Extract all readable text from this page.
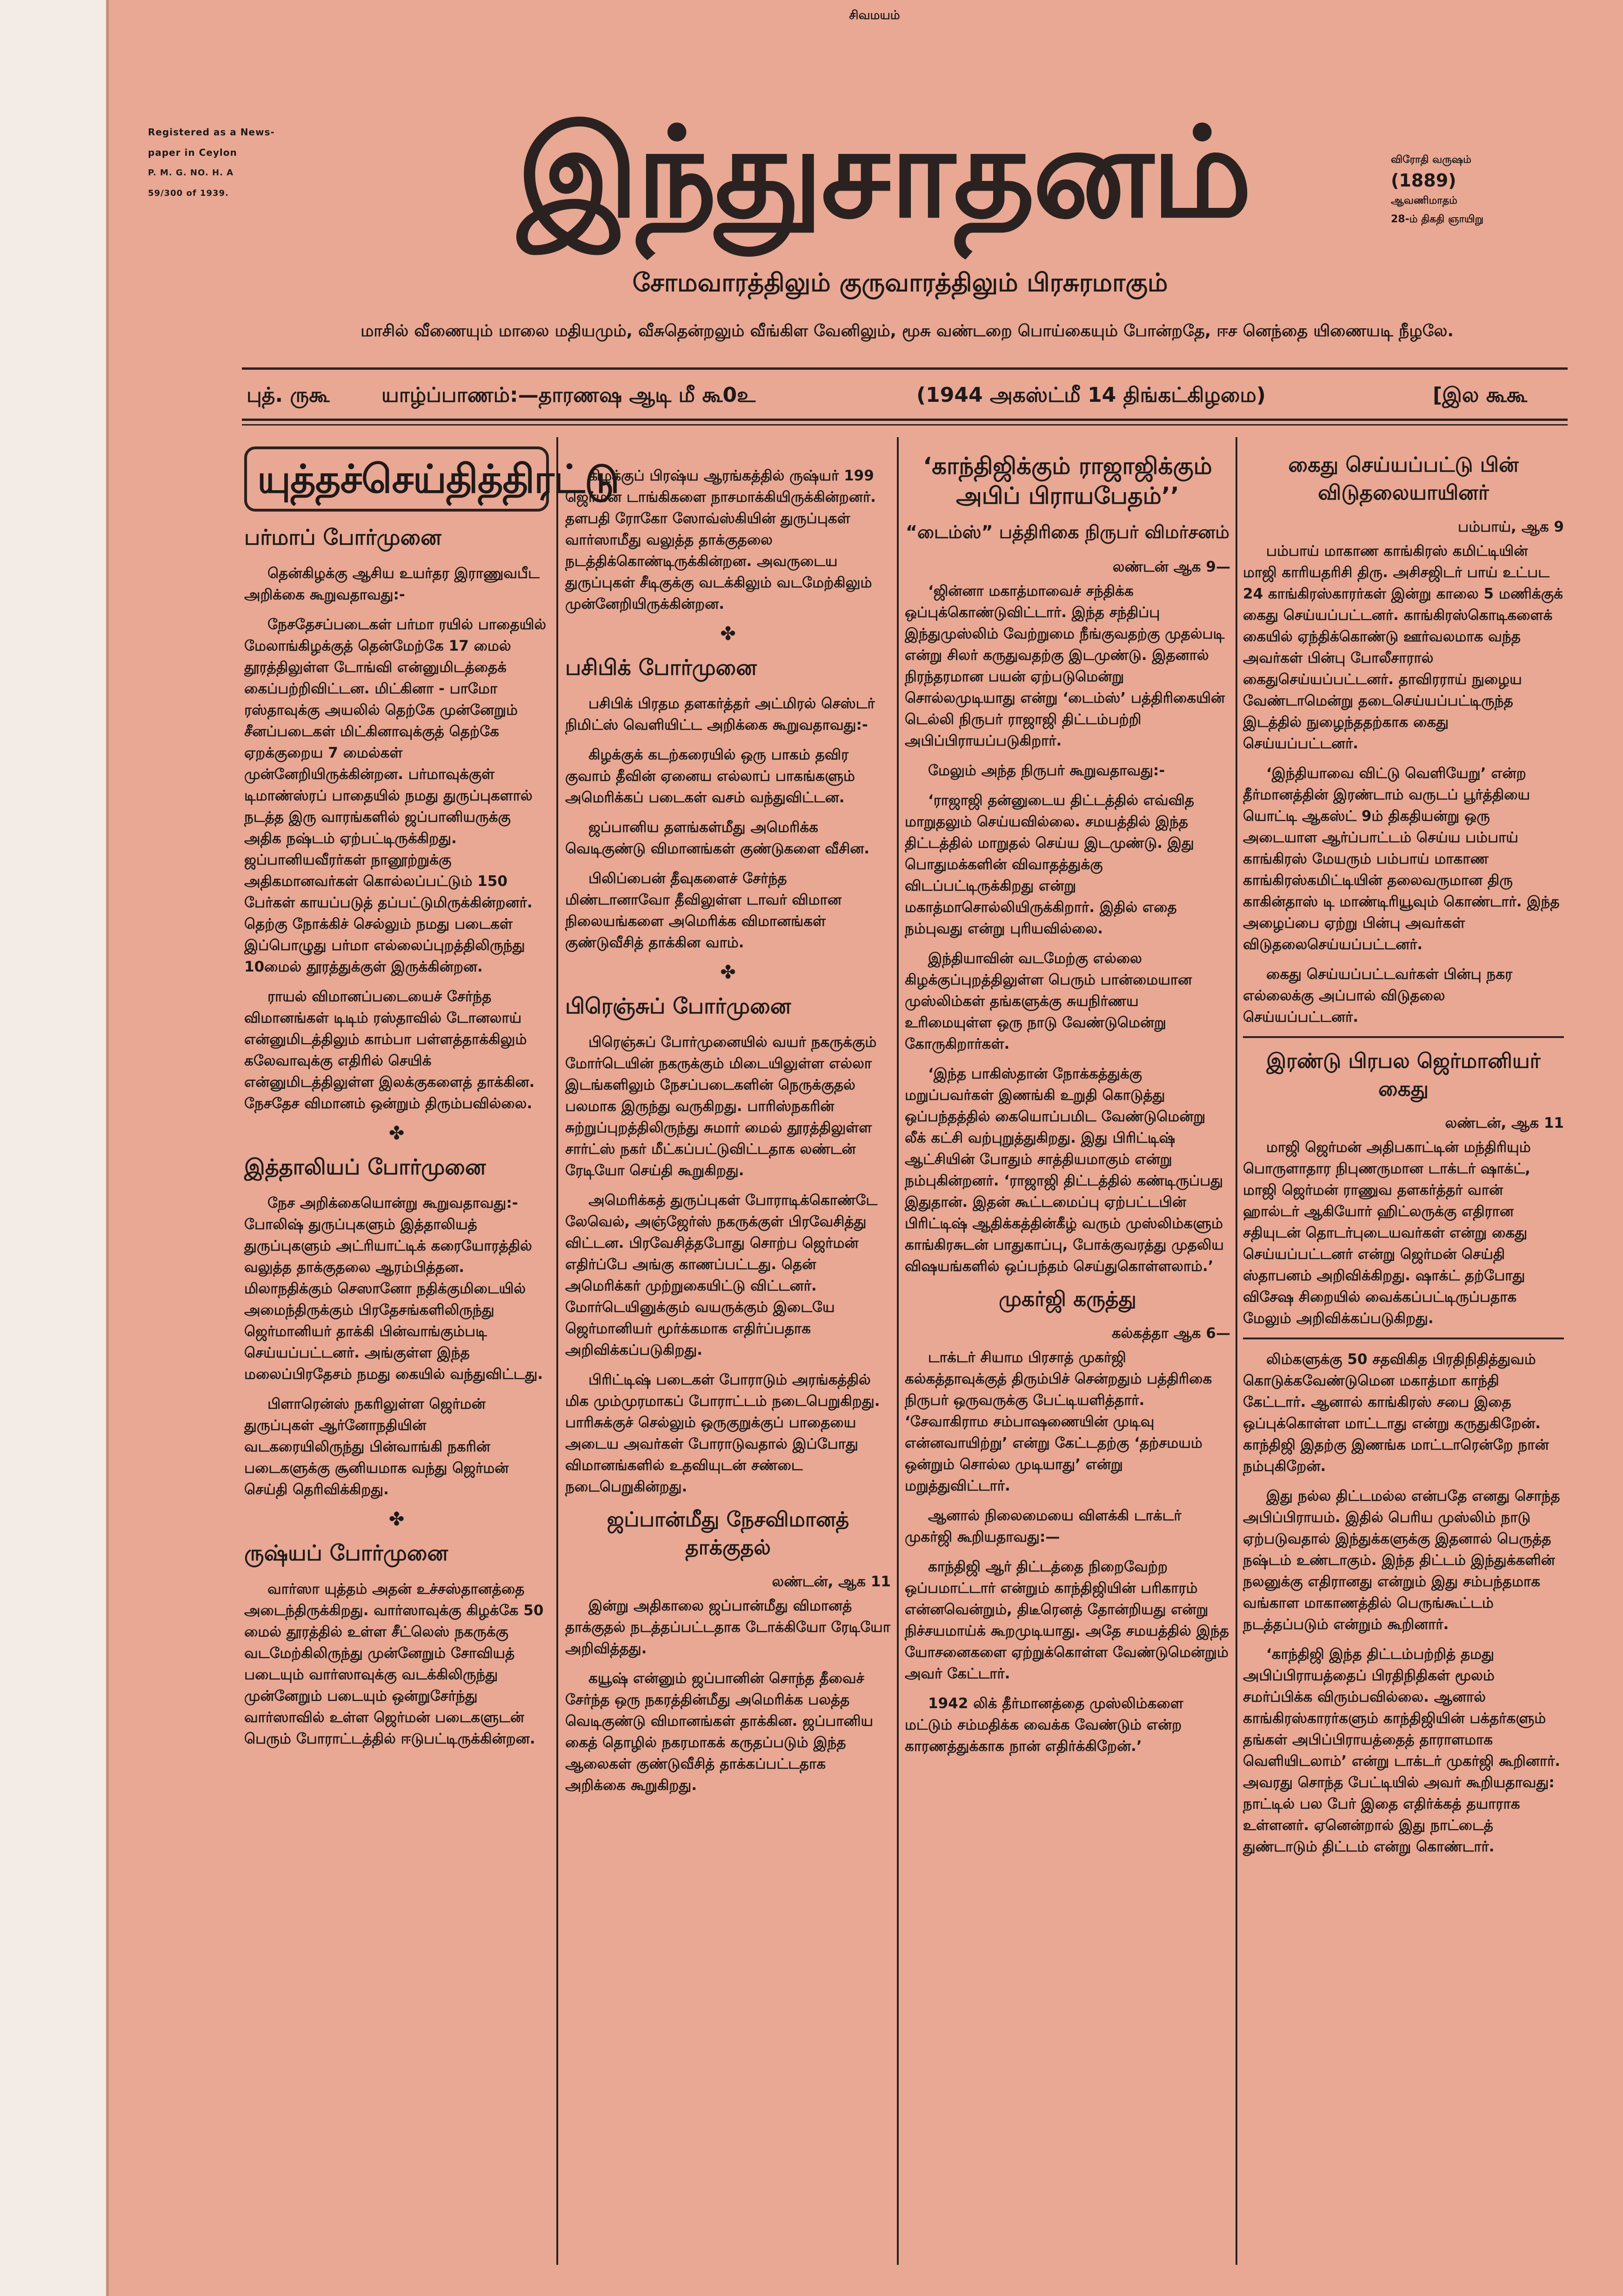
சிவமயம்
Registered as a News-
paper in Ceylon
P. M. G. NO. H. A
59/300 of 1939.	இந்துசாதனம்	விரோதி வருஷம்
(1889)
ஆவணிமாதம்
28-ம் திகதி ஞாயிறு
சோமவாரத்திலும் குருவாரத்திலும் பிரசுரமாகும்
மாசில் வீணையும் மாலை மதியமும், வீசுதென்றலும் வீங்கிள வேனிலும், மூசு வண்டறை பொய்கையும் போன்றதே, ஈச னெந்தை யிணையடி நீழலே.
புத். ருகூ	யாழ்ப்பாணம்:—தாரணஷ ஆடி மீ கூ0உ	(1944 அகஸ்ட்மீ 14 திங்கட்கிழமை)	[இல கூகூ
யுத்தச்செய்தித்திரட்டு
பர்மாப் போர்முனை

தென்கிழக்கு ஆசிய உயர்தர இராணுவபீட அறிக்கை கூறுவதாவது:-

நேசதேசப்படைகள் பர்மா ரயில் பாதையில் மேலாங்கிழக்குத் தென்மேற்கே 17 மைல் தூரத்திலுள்ள டோங்வி என்னுமிடத்தைக் கைப்பற்றிவிட்டன. மிட்கினா - பாமோ ரஸ்தாவுக்கு அயலில் தெற்கே முன்னேறும் சீனப்படைகள் மிட்கினாவுக்குத் தெற்கே ஏறக்குறைய 7 மைல்கள் முன்னேறியிருக்கின்றன. பர்மாவுக்குள் டிமாண்ஸ்ரப் பாதையில் நமது துருப்புகளால் நடத்த இரு வாரங்களில் ஜப்பானியருக்கு அதிக நஷ்டம் ஏற்பட்டிருக்கிறது. ஜப்பானியவீரர்கள் நானூற்றுக்கு அதிகமானவர்கள் கொல்லப்பட்டும் 150 பேர்கள் காயப்படுத் தப்பட்டுமிருக்கின்றனர். தெற்கு நோக்கிச் செல்லும் நமது படைகள் இப்பொழுது பர்மா எல்லைப்புறத்திலிருந்து 10மைல் தூரத்துக்குள் இருக்கின்றன.

ராயல் விமானப்படையைச் சேர்ந்த விமானங்கள் டிடிம் ரஸ்தாவில் டோனலாய் என்னுமிடத்திலும் காம்பா பள்ளத்தாக்கிலும் கலேவாவுக்கு எதிரில் செயிக் என்னுமிடத்திலுள்ள இலக்குகளைத் தாக்கின. நேசதேச விமானம் ஒன்றும் திரும்பவில்லை.

✤
இத்தாலியப் போர்முனை

நேச அறிக்கையொன்று கூறுவதாவது:- போலிஷ் துருப்புகளும் இத்தாலியத் துருப்புகளும் அட்ரியாட்டிக் கரையோரத்தில் வலுத்த தாக்குதலை ஆரம்பித்தன. மிலாநதிக்கும் செஸானோ நதிக்குமிடையில் அமைந்திருக்கும் பிரதேசங்களிலிருந்து ஜெர்மானியர் தாக்கி பின்வாங்கும்படி செய்யப்பட்டனர். அங்குள்ள இந்த மலைப்பிரதேசம் நமது கையில் வந்துவிட்டது.

பிளாரென்ஸ் நகரிலுள்ள ஜெர்மன் துருப்புகள் ஆர்னோநதியின் வடகரையிலிருந்து பின்வாங்கி நகரின் படைகளுக்கு சூனியமாக வந்து ஜெர்மன் செய்தி தெரிவிக்கிறது.

✤
ருஷ்யப் போர்முனை

வார்ஸா யுத்தம் அதன் உச்சஸ்தானத்தை அடைந்திருக்கிறது. வார்ஸாவுக்கு கிழக்கே 50 மைல் தூரத்தில் உள்ள சீட்லெஸ் நகருக்கு வடமேற்கிலிருந்து முன்னேறும் சோவியத் படையும் வார்ஸாவுக்கு வடக்கிலிருந்து முன்னேறும் படையும் ஒன்றுசேர்ந்து வார்ஸாவில் உள்ள ஜெர்மன் படைகளுடன் பெரும் போராட்டத்தில் ஈடுபட்டிருக்கின்றன.

கிழக்குப் பிரஷ்ய ஆரங்கத்தில் ருஷ்யர் 199 ஜெர்மன் டாங்கிகளை நாசமாக்கியிருக்கின்றனர். தளபதி ரோகோ ஸோவ்ஸ்கியின் துருப்புகள் வார்ஸாமீது வலுத்த தாக்குதலை நடத்திக்கொண்டிருக்கின்றன. அவருடைய துருப்புகள் சீடிகுக்கு வடக்கிலும் வடமேற்கிலும் முன்னேறியிருக்கின்றன.

✤
பசிபிக் போர்முனை

பசிபிக் பிரதம தளகர்த்தர் அட்மிரல் செஸ்டர் நிமிட்ஸ் வெளியிட்ட அறிக்கை கூறுவதாவது:-

கிழக்குக் கடற்கரையில் ஒரு பாகம் தவிர குவாம் தீவின் ஏனைய எல்லாப் பாகங்களும் அமெரிக்கப் படைகள் வசம் வந்துவிட்டன.

ஜப்பானிய தளங்கள்மீது அமெரிக்க வெடிகுண்டு விமானங்கள் குண்டுகளை வீசின.

பிலிப்பைன் தீவுகளைச் சேர்ந்த மிண்டானாவோ தீவிலுள்ள டாவர் விமான நிலையங்களை அமெரிக்க விமானங்கள் குண்டுவீசித் தாக்கின வாம்.

✤
பிரெஞ்சுப் போர்முனை

பிரெஞ்சுப் போர்முனையில் வயர் நகருக்கும் மோர்டெயின் நகருக்கும் மிடையிலுள்ள எல்லா இடங்களிலும் நேசப்படைகளின் நெருக்குதல் பலமாக இருந்து வருகிறது. பாரிஸ்நகரின் சுற்றுப்புறத்திலிருந்து சுமார் மைல் தூரத்திலுள்ள சார்ட்ஸ் நகர் மீட்கப்பட்டுவிட்டதாக லண்டன் ரேடியோ செய்தி கூறுகிறது.

அமெரிக்கத் துருப்புகள் போராடிக்கொண்டே லேவெல், அஞ்ஜேர்ஸ் நகருக்குள் பிரவேசித்து விட்டன. பிரவேசித்தபோது சொற்ப ஜெர்மன் எதிர்ப்பே அங்கு காணப்பட்டது. தென் அமெரிக்கர் முற்றுகையிட்டு விட்டனர். மோர்டெயினுக்கும் வயருக்கும் இடையே ஜெர்மானியர் மூர்க்கமாக எதிர்ப்பதாக அறிவிக்கப்படுகிறது.

பிரிட்டிஷ் படைகள் போராடும் அரங்கத்தில் மிக மும்முரமாகப் போராட்டம் நடைபெறுகிறது. பாரிசுக்குச் செல்லும் ஒருகுறுக்குப் பாதையை அடைய அவர்கள் போராடுவதால் இப்போது விமானங்களில் உதவியுடன் சண்டை நடைபெறுகின்றது.

ஜப்பான்மீது நேசவிமானத் தாக்குதல்
லண்டன், ஆக 11

இன்று அதிகாலை ஜப்பான்மீது விமானத் தாக்குதல் நடத்தப்பட்டதாக டோக்கியோ ரேடியோ அறிவித்தது.

கயூஷ் என்னும் ஜப்பானின் சொந்த தீவைச் சேர்ந்த ஒரு நகரத்தின்மீது அமெரிக்க பலத்த வெடிகுண்டு விமானங்கள் தாக்கின. ஜப்பானிய கைத் தொழில் நகரமாகக் கருதப்படும் இந்த ஆலைகள் குண்டுவீசித் தாக்கப்பட்டதாக அறிக்கை கூறுகிறது.

‘காந்திஜிக்கும் ராஜாஜிக்கும் அபிப் பிராயபேதம்’’
“டைம்ஸ்” பத்திரிகை நிருபர் விமர்சனம்
லண்டன் ஆக 9—

‘ஜின்னா மகாத்மாவைச் சந்திக்க ஒப்புக்கொண்டுவிட்டார். இந்த சந்திப்பு இந்துமுஸ்லிம் வேற்றுமை நீங்குவதற்கு முதல்படி என்று சிலர் கருதுவதற்கு இடமுண்டு. இதனால் நிரந்தரமான பயன் ஏற்படுமென்று சொல்லமுடியாது என்று ‘டைம்ஸ்’ பத்திரிகையின் டெல்லி நிருபர் ராஜாஜி திட்டம்பற்றி அபிப்பிராயப்படுகிறார்.

மேலும் அந்த நிருபர் கூறுவதாவது:-

‘ராஜாஜி தன்னுடைய திட்டத்தில் எவ்வித மாறுதலும் செய்யவில்லை. சமயத்தில் இந்த திட்டத்தில் மாறுதல் செய்ய இடமுண்டு. இது பொதுமக்களின் விவாதத்துக்கு விடப்பட்டிருக்கிறது என்று மகாத்மாசொல்லியிருக்கிறார். இதில் எதை நம்புவது என்று புரியவில்லை.

இந்தியாவின் வடமேற்கு எல்லை கிழக்குப்புறத்திலுள்ள பெரும் பான்மையான முஸ்லிம்கள் தங்களுக்கு சுயநிர்ணய உரிமையுள்ள ஒரு நாடு வேண்டுமென்று கோருகிறார்கள்.

‘இந்த பாகிஸ்தான் நோக்கத்துக்கு மறுப்பவர்கள் இணங்கி உறுதி கொடுத்து ஒப்பந்தத்தில் கையொப்பமிட வேண்டுமென்று லீக் கட்சி வற்புறுத்துகிறது. இது பிரிட்டிஷ் ஆட்சியின் போதும் சாத்தியமாகும் என்று நம்புகின்றனர். ‘ராஜாஜி திட்டத்தில் கண்டிருப்பது இதுதான். இதன் கூட்டமைப்பு ஏற்பட்டபின் பிரிட்டிஷ் ஆதிக்கத்தின்கீழ் வரும் முஸ்லிம்களும் காங்கிரசுடன் பாதுகாப்பு, போக்குவரத்து முதலிய விஷயங்களில் ஒப்பந்தம் செய்துகொள்ளலாம்.’

முகர்ஜி கருத்து
கல்கத்தா ஆக 6—

டாக்டர் சியாம பிரசாத் முகர்ஜி கல்கத்தாவுக்குத் திரும்பிச் சென்றதும் பத்திரிகை நிருபர் ஒருவருக்கு பேட்டியளித்தார். ‘சேவாகிராம சம்பாஷணையின் முடிவு என்னவாயிற்று’ என்று கேட்டதற்கு ‘தற்சமயம் ஒன்றும் சொல்ல முடியாது’ என்று மறுத்துவிட்டார்.

ஆனால் நிலைமையை விளக்கி டாக்டர் முகர்ஜி கூறியதாவது:—

காந்திஜி ஆர் திட்டத்தை நிறைவேற்ற ஒப்பமாட்டார் என்றும் காந்திஜியின் பரிகாரம் என்னவென்றும், திடீரெனத் தோன்றியது என்று நிச்சயமாய்க் கூறமுடியாது. அதே சமயத்தில் இந்த யோசனைகளை ஏற்றுக்கொள்ள வேண்டுமென்றும் அவர் கேட்டார்.

1942 லிக் தீர்மானத்தை முஸ்லிம்களை மட்டும் சம்மதிக்க வைக்க வேண்டும் என்ற காரணத்துக்காக நான் எதிர்க்கிறேன்.’

கைது செய்யப்பட்டு பின் விடுதலையாயினர்
பம்பாய், ஆக 9

பம்பாய் மாகாண காங்கிரஸ் கமிட்டியின் மாஜி காரியதரிசி திரு. அசிசஜிடர் பாய் உட்பட 24 காங்கிரஸ்காரர்கள் இன்று காலை 5 மணிக்குக் கைது செய்யப்பட்டனர். காங்கிரஸ்கொடிகளைக் கையில் ஏந்திக்கொண்டு ஊர்வலமாக வந்த அவர்கள் பின்பு போலீசாரால் கைதுசெய்யப்பட்டனர். தாவிரராய் நுழைய வேண்டாமென்று தடைசெய்யப்பட்டிருந்த இடத்தில் நுழைந்ததற்காக கைது செய்யப்பட்டனர்.

‘இந்தியாவை விட்டு வெளியேறு’ என்ற தீர்மானத்தின் இரண்டாம் வருடப் பூர்த்தியை யொட்டி ஆகஸ்ட் 9ம் திகதியன்று ஒரு அடையாள ஆர்ப்பாட்டம் செய்ய பம்பாய் காங்கிரஸ் மேயரும் பம்பாய் மாகாண காங்கிரஸ்கமிட்டியின் தலைவருமான திரு காகின்தாஸ் டி மாண்டிரியூவும் கொண்டார். இந்த அழைப்பை ஏற்று பின்பு அவர்கள் விடுதலைசெய்யப்பட்டனர்.

கைது செய்யப்பட்டவர்கள் பின்பு நகர எல்லைக்கு அப்பால் விடுதலை செய்யப்பட்டனர்.

இரண்டு பிரபல ஜெர்மானியர் கைது
லண்டன், ஆக 11

மாஜி ஜெர்மன் அதிபகாட்டின் மந்திரியும் பொருளாதார நிபுணருமான டாக்டர் ஷாக்ட், மாஜி ஜெர்மன் ராணுவ தளகர்த்தர் வான் ஹால்டர் ஆகியோர் ஹிட்லருக்கு எதிரான சதியுடன் தொடர்புடையவர்கள் என்று கைது செய்யப்பட்டனர் என்று ஜெர்மன் செய்தி ஸ்தாபனம் அறிவிக்கிறது. ஷாக்ட் தற்போது விசேஷ சிறையில் வைக்கப்பட்டிருப்பதாக மேலும் அறிவிக்கப்படுகிறது.

லிம்களுக்கு 50 சதவிகித பிரதிநிதித்துவம் கொடுக்கவேண்டுமென மகாத்மா காந்தி கேட்டார். ஆனால் காங்கிரஸ் சபை இதை ஒப்புக்கொள்ள மாட்டாது என்று கருதுகிறேன். காந்திஜி இதற்கு இணங்க மாட்டாரென்றே நான் நம்புகிறேன்.

இது நல்ல திட்டமல்ல என்பதே எனது சொந்த அபிப்பிராயம். இதில் பெரிய முஸ்லிம் நாடு ஏற்படுவதால் இந்துக்களுக்கு இதனால் பெருத்த நஷ்டம் உண்டாகும். இந்த திட்டம் இந்துக்களின் நலனுக்கு எதிரானது என்றும் இது சம்பந்தமாக வங்காள மாகாணத்தில் பெருங்கூட்டம் நடத்தப்படும் என்றும் கூறினார்.

‘காந்திஜி இந்த திட்டம்பற்றித் தமது அபிப்பிராயத்தைப் பிரதிநிதிகள் மூலம் சமர்ப்பிக்க விரும்பவில்லை. ஆனால் காங்கிரஸ்காரர்களும் காந்திஜியின் பக்தர்களும் தங்கள் அபிப்பிராயத்தைத் தாராளமாக வெளியிடலாம்’ என்று டாக்டர் முகர்ஜி கூறினார். அவரது சொந்த பேட்டியில் அவர் கூறியதாவது: நாட்டில் பல பேர் இதை எதிர்க்கத் தயாராக உள்ளனர். ஏனென்றால் இது நாட்டைத் துண்டாடும் திட்டம் என்று கொண்டார்.
